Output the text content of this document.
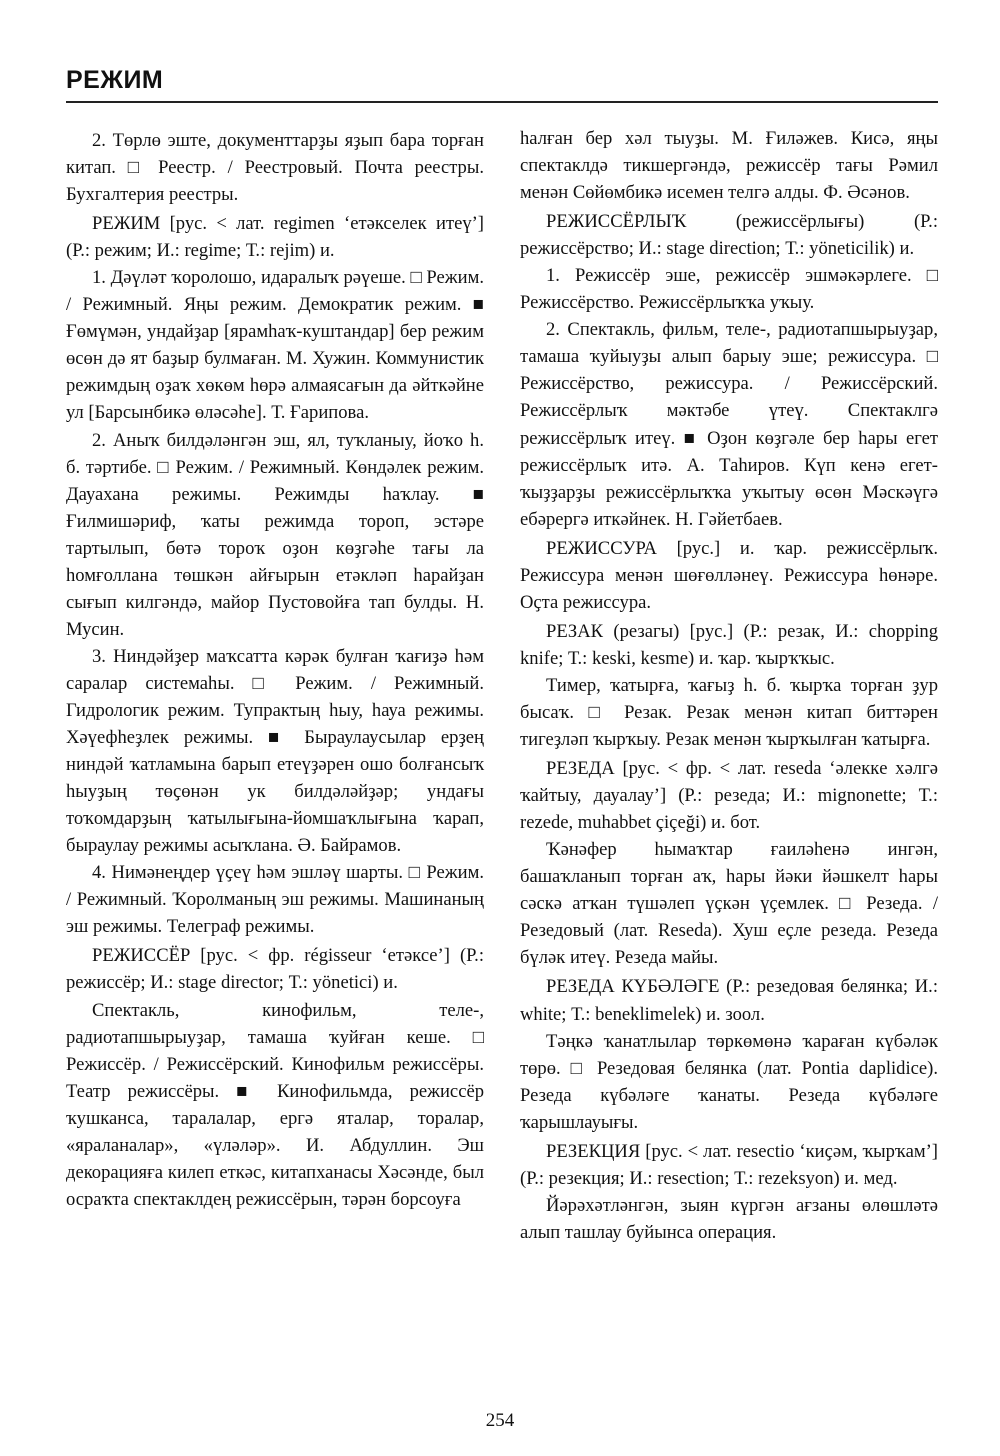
РЕЖИМ

2. Төрлө эште, документтарҙы яҙып бара торған китап. □ Реестр. / Реестровый. Почта реестры. Бухгалтерия реестры.

РЕЖИМ [рус. < лат. regimen ‘етәкселек итеү’] (Р.: режим; И.: regime; Т.: rejim) и.

1. Дәүләт ҡоролошо, идаралыҡ рәүеше. □ Режим. / Режимный. Яңы режим. Демократик режим. ■ Ғөмүмән, ундайҙар [ярамһаҡ-куштандар] бер режим өсөн дә ят баҙыр булмаған. М. Хужин. Коммунистик режимдың оҙаҡ хөкөм һөрә алмаясағын да әйткәйне ул [Барсынбикә өләсәһе]. Т. Ғарипова.

2. Аныҡ билдәләнгән эш, ял, туҡланыу, йоҡо һ. б. тәртибе. □ Режим. / Режимный. Көндәлек режим. Дауахана режимы. Режимды һаҡлау. ■ Ғилмишәриф, ҡаты режимда тороп, эстәре тартылып, бөтә тороҡ оҙон көҙгәһе тағы ла һомғоллана төшкән айғырын етәкләп һарайҙан сығып килгәндә, майор Пустовойға тап булды. Н. Мусин.

3. Ниндәйҙер маҡсатта кәрәк булған ҡағиҙә һәм саралар системаһы. □ Режим. / Режимный. Гидрологик режим. Тупрактың һыу, һауа режимы. Хәүефһеҙлек режимы. ■ Быраулаусылар ерҙең ниндәй ҡатламына барып етеүҙәрен ошо болғансыҡ һыуҙың төҫөнән ук билдәләйҙәр; ундағы тоҡомдарҙың ҡатылығына-йомшаҡлығына ҡарап, быраулау режимы асыҡлана. Ә. Байрамов.

4. Нимәнеңдер үҫеү һәм эшләү шарты. □ Режим. / Режимный. Ҡоролманың эш режимы. Машинаның эш режимы. Телеграф режимы.

РЕЖИССЁР [рус. < фр. régisseur ‘етәксе’] (Р.: режиссёр; И.: stage director; Т.: yönetici) и.

Спектакль, кинофильм, теле-, радиотапшырыуҙар, тамаша ҡуйған кеше. □ Режиссёр. / Режиссёрский. Кинофильм режиссёры. Театр режиссёры. ■ Кинофильмда, режиссёр ҡушканса, таралалар, ергә яталар, торалар, «яраланалар», «үләләр». И. Абдуллин. Эш декорацияға килеп еткәс, китапханасы Хәсәнде, был осраҡта спектаклдең режиссёрын, тәрән борсоуға

һалған бер хәл тыуҙы. М. Ғиләжев. Кисә, яңы спектаклдә тикшергәндә, режиссёр тағы Рәмил менән Сөйөмбикә исемен телгә алды. Ф. Әсәнов.

РЕЖИССЁРЛЫҠ (режиссёрлығы) (Р.: режиссёрство; И.: stage direction; Т.: yöneticilik) и.

1. Режиссёр эше, режиссёр эшмәкәрлеге. □ Режиссёрство. Режиссёрлыҡҡа уҡыу.

2. Спектакль, фильм, теле-, радиотапшырыуҙар, тамаша ҡуйыуҙы алып барыу эше; режиссура. □ Режиссёрство, режиссура. / Режиссёрский. Режиссёрлыҡ мәктәбе үтеү. Спектаклгә режиссёрлыҡ итеү. ■ Оҙон көҙгәле бер һары егет режиссёрлыҡ итә. А. Таһиров. Күп кенә егет-ҡыҙҙарҙы режиссёрлыҡҡа уҡытыу өсөн Мәскәүгә ебәрергә иткәйнек. Н. Гәйетбаев.

РЕЖИССУРА [рус.] и. ҡар. режиссёрлыҡ. Режиссура менән шөғөлләнеү. Режиссура һөнәре. Оҫта режиссура.

РЕЗАК (резагы) [рус.] (Р.: резак, И.: chopping knife; Т.: keski, kesme) и. ҡар. ҡырҡҡыс.

Тимер, ҡатырға, ҡағыҙ һ. б. ҡырҡа торған ҙур бысаҡ. □ Резак. Резак менән китап биттәрен тигеҙләп ҡырҡыу. Резак менән ҡырҡылған ҡатырға.

РЕЗЕДА [рус. < фр. < лат. reseda ‘әлеккe хәлгә ҡайтыу, дауалау’] (Р.: резеда; И.: mignonette; Т.: rezede, muhabbet çiçeği) и. бот.

Ҡәнәфер һымаҡтар ғаиләһенә ингән, башаҡланып торған аҡ, һары йәки йәшкелт һары сәскә атҡан түшәлеп үҫкән үҫемлек. □ Резеда. / Резедовый (лат. Reseda). Хуш еҫле резеда. Резеда бүләк итеү. Резеда майы.

РЕЗЕДА КҮБӘЛӘГЕ (Р.: резедовая белянка; И.: white; Т.: beneklimelek) и. зоол.

Тәңкә ҡанатлылар төркөмөнә ҡараған күбәләк төрө. □ Резедовая белянка (лат. Pontia daplidice). Резеда күбәләге ҡанаты. Резеда күбәләге ҡарышлауығы.

РЕЗЕКЦИЯ [рус. < лат. resectio ‘киҫәм, ҡырҡам’] (Р.: резекция; И.: resection; Т.: rezeksyon) и. мед.

Йәрәхәтләнгән, зыян күргән ағзаны өлөшләтә алып ташлау буйынса операция.

254
